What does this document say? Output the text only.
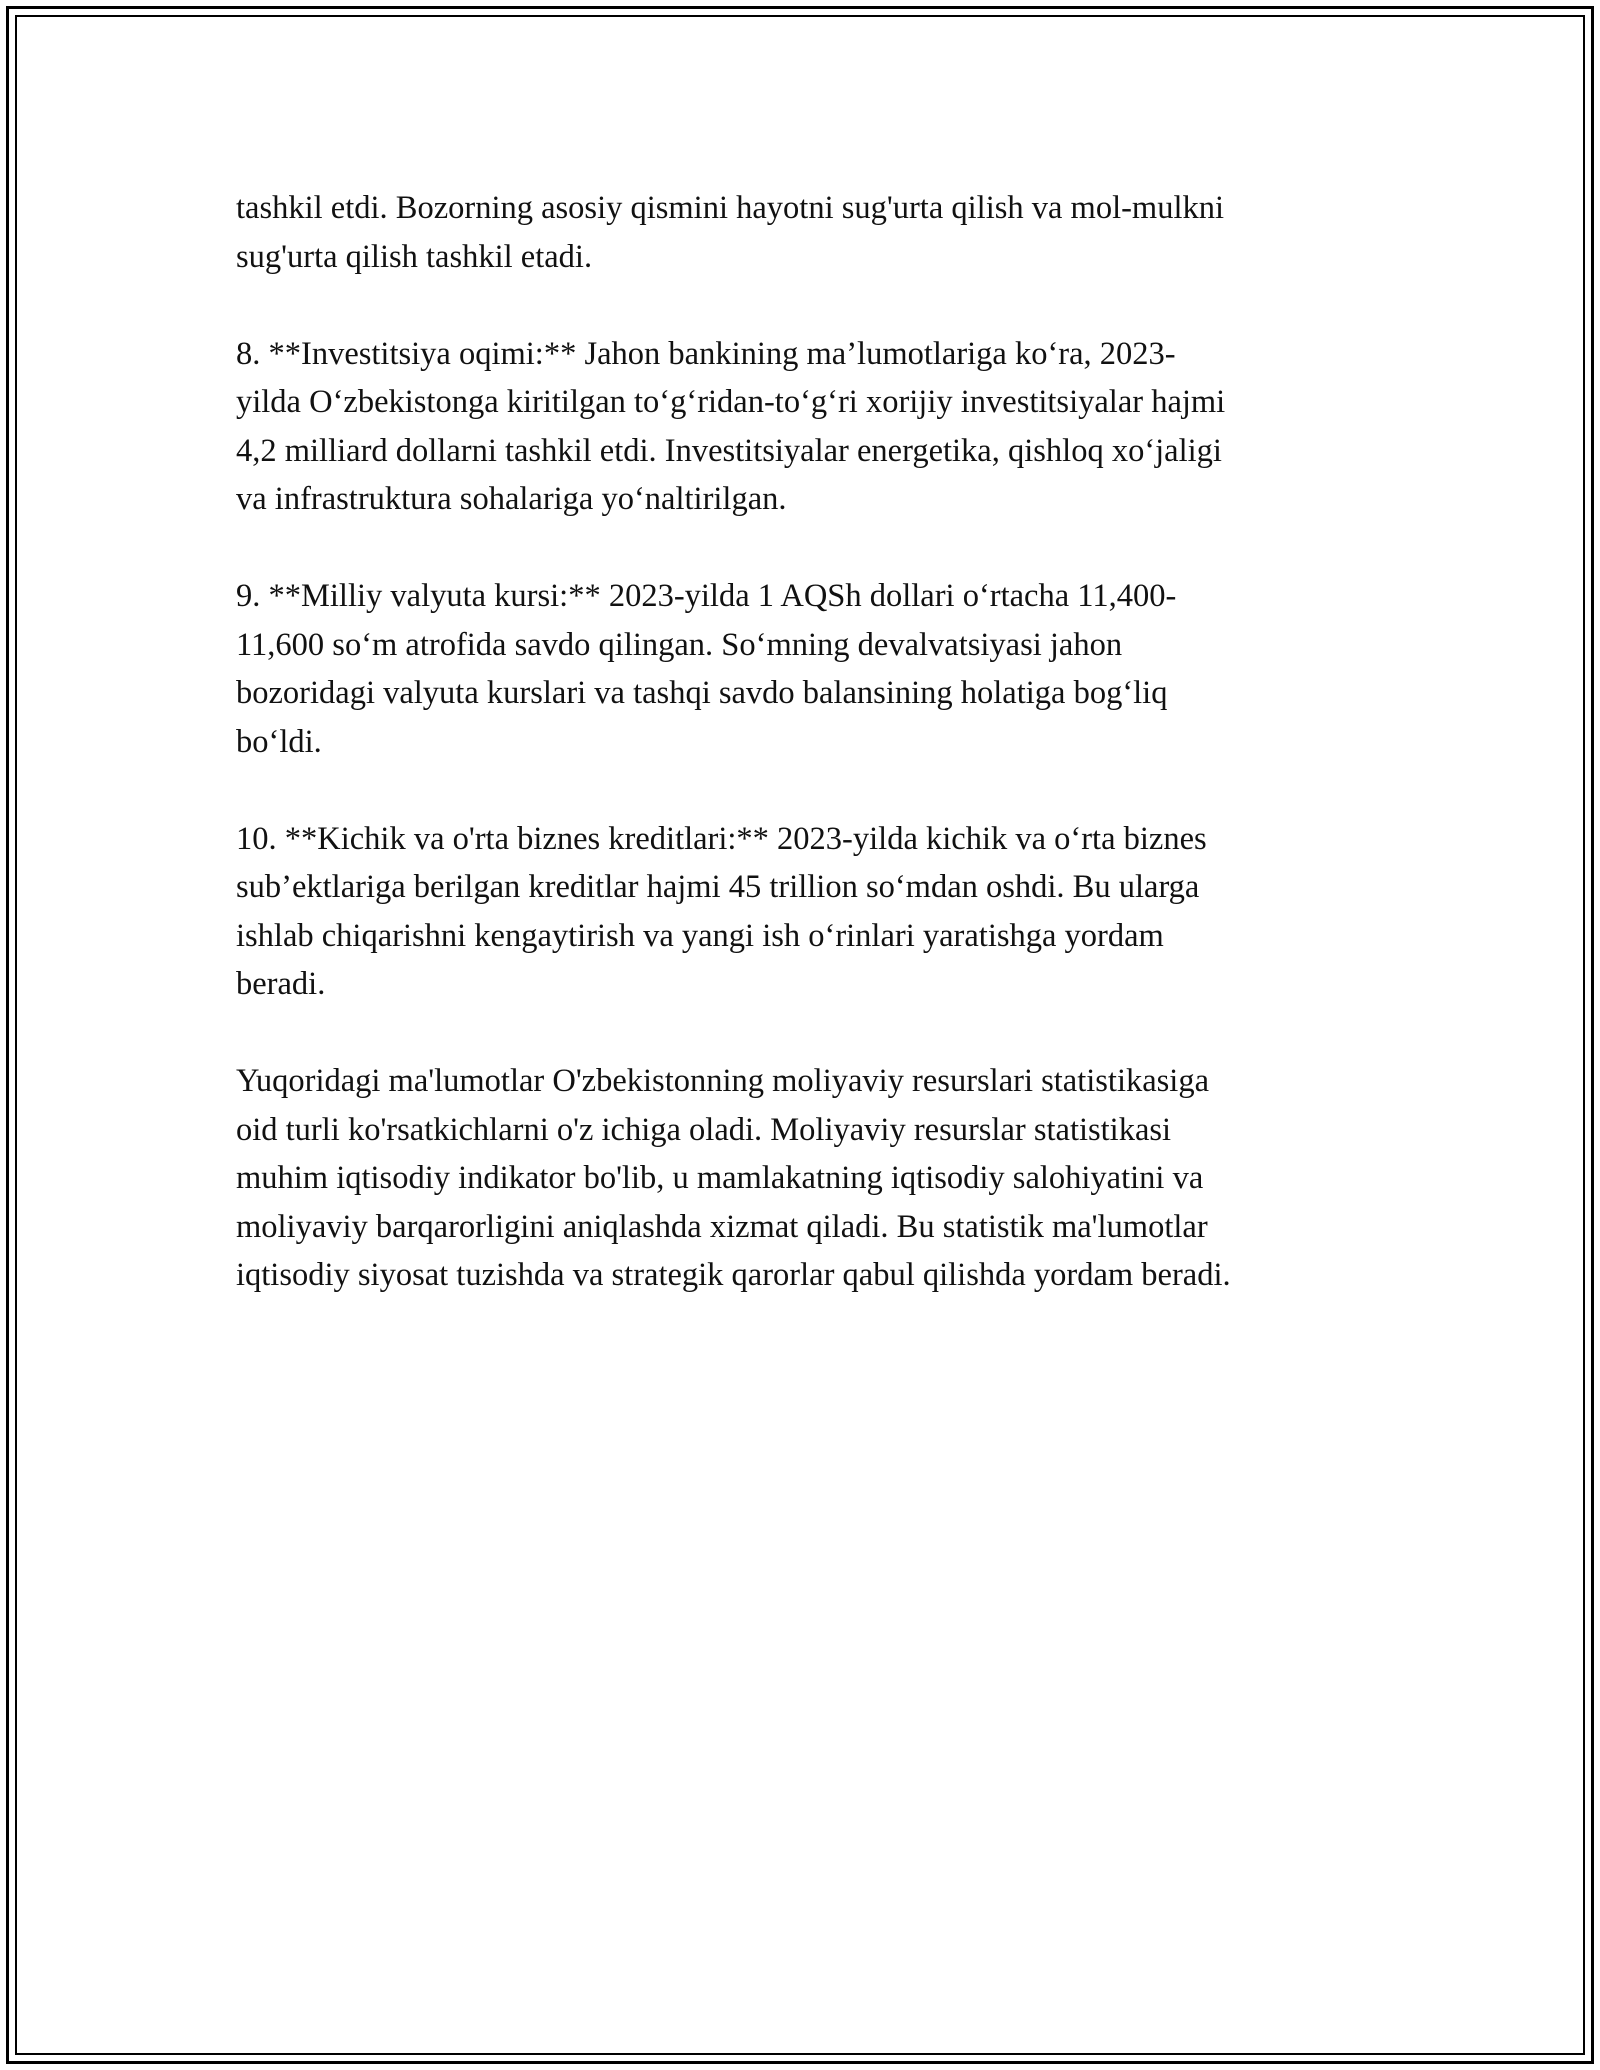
tashkil etdi. Bozorning asosiy qismini hayotni sug'urta qilish va mol-mulkni
sug'urta qilish tashkil etadi.

8. **Investitsiya oqimi:** Jahon bankining ma’lumotlariga ko‘ra, 2023-
yilda O‘zbekistonga kiritilgan to‘g‘ridan-to‘g‘ri xorijiy investitsiyalar hajmi
4,2 milliard dollarni tashkil etdi. Investitsiyalar energetika, qishloq xo‘jaligi
va infrastruktura sohalariga yo‘naltirilgan.

9. **Milliy valyuta kursi:** 2023-yilda 1 AQSh dollari o‘rtacha 11,400-
11,600 so‘m atrofida savdo qilingan. So‘mning devalvatsiyasi jahon
bozoridagi valyuta kurslari va tashqi savdo balansining holatiga bog‘liq
bo‘ldi.

10. **Kichik va o'rta biznes kreditlari:** 2023-yilda kichik va o‘rta biznes
sub’ektlariga berilgan kreditlar hajmi 45 trillion so‘mdan oshdi. Bu ularga
ishlab chiqarishni kengaytirish va yangi ish o‘rinlari yaratishga yordam
beradi.

Yuqoridagi ma'lumotlar O'zbekistonning moliyaviy resurslari statistikasiga
oid turli ko'rsatkichlarni o'z ichiga oladi. Moliyaviy resurslar statistikasi
muhim iqtisodiy indikator bo'lib, u mamlakatning iqtisodiy salohiyatini va
moliyaviy barqarorligini aniqlashda xizmat qiladi. Bu statistik ma'lumotlar
iqtisodiy siyosat tuzishda va strategik qarorlar qabul qilishda yordam beradi.
